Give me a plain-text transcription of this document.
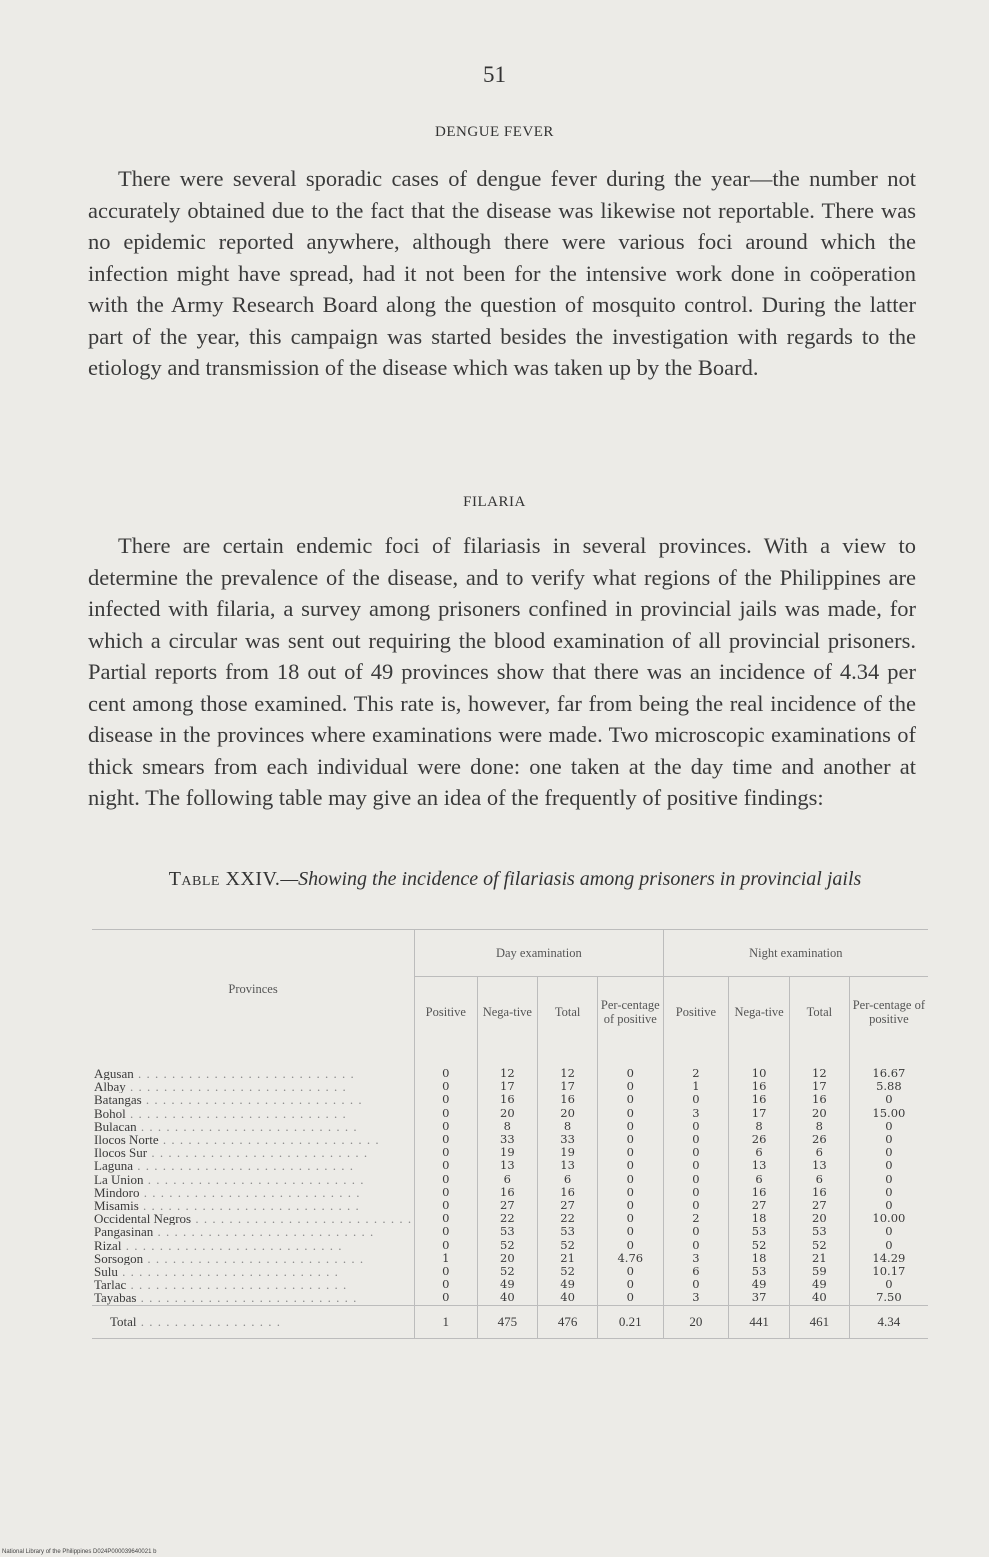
51
DENGUE FEVER

There were several sporadic cases of dengue fever during the year—the number not accurately obtained due to the fact that the disease was likewise not reportable. There was no epidemic reported anywhere, although there were various foci around which the infection might have spread, had it not been for the intensive work done in coöperation with the Army Research Board along the question of mosquito control. During the latter part of the year, this campaign was started besides the investigation with regards to the etiology and transmission of the disease which was taken up by the Board.

FILARIA

There are certain endemic foci of filariasis in several provinces. With a view to determine the prevalence of the disease, and to verify what regions of the Philippines are infected with filaria, a survey among prisoners confined in provincial jails was made, for which a circular was sent out requiring the blood examination of all provincial prisoners. Partial reports from 18 out of 49 provinces show that there was an incidence of 4.34 per cent among those examined. This rate is, however, far from being the real incidence of the disease in the provinces where examinations were made. Two microscopic examinations of thick smears from each individual were done: one taken at the day time and another at night. The following table may give an idea of the frequently of positive findings:

Table XXIV.—Showing the incidence of filariasis among prisoners in provincial jails
Provinces	Day examination				Night examination			
	Positive	Nega-tive	Total	Per-centage of positive	Positive	Nega-tive	Total	Per-centage of positive
Agusan . . . . . . . . . . . . . . . . . . . . . . . . . .	0	12	12	0	2	10	12	16.67
Albay . . . . . . . . . . . . . . . . . . . . . . . . . .	0	17	17	0	1	16	17	5.88
Batangas . . . . . . . . . . . . . . . . . . . . . . . . . .	0	16	16	0	0	16	16	0
Bohol . . . . . . . . . . . . . . . . . . . . . . . . . .	0	20	20	0	3	17	20	15.00
Bulacan . . . . . . . . . . . . . . . . . . . . . . . . . .	0	8	8	0	0	8	8	0
Ilocos Norte . . . . . . . . . . . . . . . . . . . . . . . . . .	0	33	33	0	0	26	26	0
Ilocos Sur . . . . . . . . . . . . . . . . . . . . . . . . . .	0	19	19	0	0	6	6	0
Laguna . . . . . . . . . . . . . . . . . . . . . . . . . .	0	13	13	0	0	13	13	0
La Union . . . . . . . . . . . . . . . . . . . . . . . . . .	0	6	6	0	0	6	6	0
Mindoro . . . . . . . . . . . . . . . . . . . . . . . . . .	0	16	16	0	0	16	16	0
Misamis . . . . . . . . . . . . . . . . . . . . . . . . . .	0	27	27	0	0	27	27	0
Occidental Negros . . . . . . . . . . . . . . . . . . . . . . . . . .	0	22	22	0	2	18	20	10.00
Pangasinan . . . . . . . . . . . . . . . . . . . . . . . . . .	0	53	53	0	0	53	53	0
Rizal . . . . . . . . . . . . . . . . . . . . . . . . . .	0	52	52	0	0	52	52	0
Sorsogon . . . . . . . . . . . . . . . . . . . . . . . . . .	1	20	21	4.76	3	18	21	14.29
Sulu . . . . . . . . . . . . . . . . . . . . . . . . . .	0	52	52	0	6	53	59	10.17
Tarlac . . . . . . . . . . . . . . . . . . . . . . . . . .	0	49	49	0	0	49	49	0
Tayabas . . . . . . . . . . . . . . . . . . . . . . . . . .	0	40	40	0	3	37	40	7.50
Total . . . . . . . . . . . . . . . . .	1	475	476	0.21	20	441	461	4.34
National Library of the Philippines D024P000039640021 b
